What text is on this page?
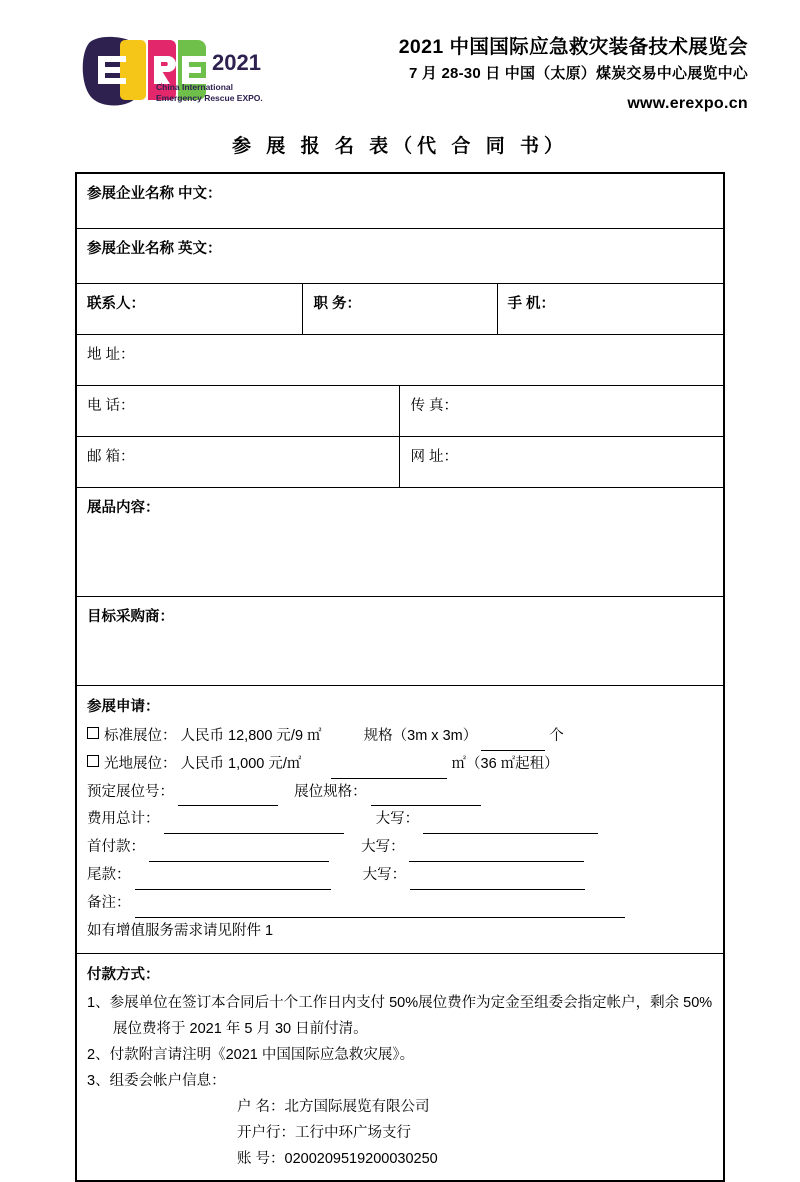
2021
China International
Emergency Rescue EXPO.
2021 中国国际应急救灾装备技术展览会
7 月 28-30 日 中国（太原）煤炭交易中心展览中心
www.erexpo.cn
参 展 报 名 表（代 合 同 书）
参展企业名称 中文：			
参展企业名称 英文：			
联系人：	职 务：		手 机：
地 址：			
电 话：		传 真：	
邮 箱：		网 址：	
展品内容：			
目标采购商：			

参展申请：
标准展位： 人民币 12,800 元/9 ㎡	规格（3m x 3m）	个
光地展位： 人民币 1,000 元/㎡	㎡（36 ㎡起租）
预定展位号：	展位规格：
费用总计：	大写：
首付款：	大写：
尾款：	大写：
备注：
如有增值服务需求请见附件 1

付款方式：
1、参展单位在签订本合同后十个工作日内支付 50%展位费作为定金至组委会指定帐户，剩余 50%展位费将于 2021 年 5 月 30 日前付清。
2、付款附言请注明《2021 中国国际应急救灾展》。
3、组委会帐户信息：
户 名：北方国际展览有限公司
开户行：工行中环广场支行
账 号：0200209519200030250
